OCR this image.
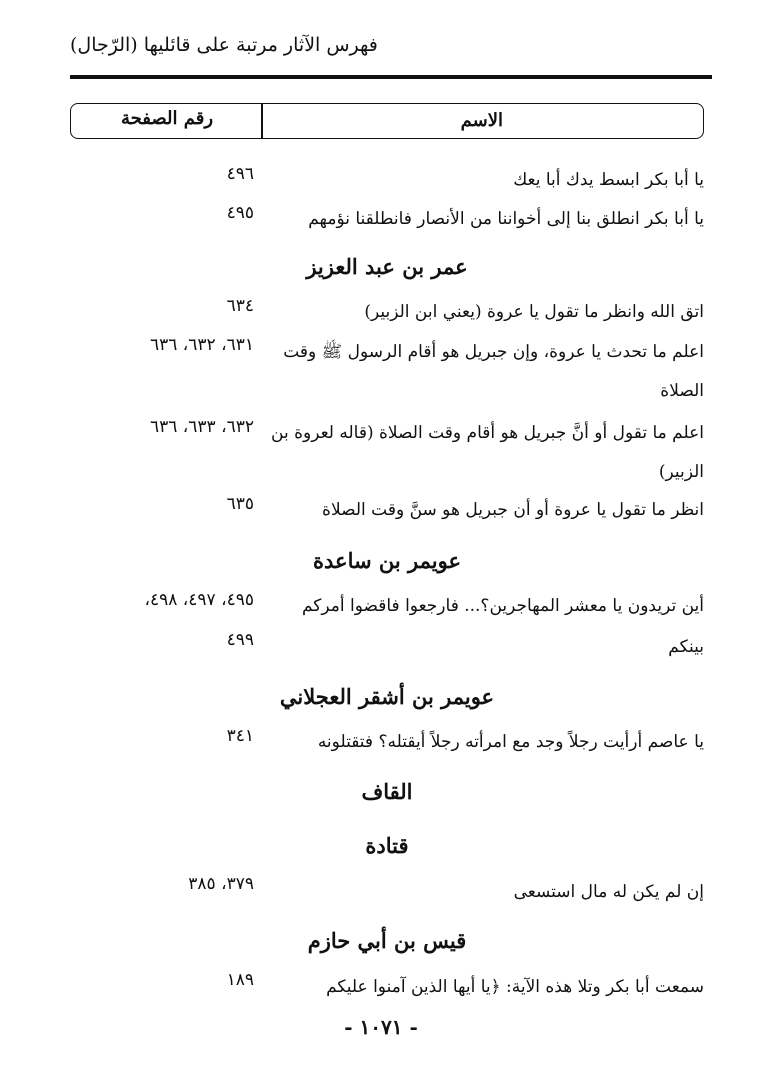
فهرس الآثار مرتبة على قائليها (الرّجال)
الاسم
رقم الصفحة
يا أبا بكر ابسط يدك أبا يعك
٤٩٦
يا أبا بكر انطلق بنا إلى أخواننا من الأنصار فانطلقنا نؤمهم
٤٩٥
عمر بن عبد العزيز
اتق الله وانظر ما تقول يا عروة (يعني ابن الزبير)
٦٣٤
اعلم ما تحدث يا عروة، وإن جبريل هو أقام الرسول ﷺ وقت
الصلاة
٦٣١، ٦٣٢، ٦٣٦
اعلم ما تقول أو أنَّ جبريل هو أقام وقت الصلاة (قاله لعروة بن
الزبير)
٦٣٢، ٦٣٣، ٦٣٦
انظر ما تقول يا عروة أو أن جبريل هو سنَّ وقت الصلاة
٦٣٥
عويمر بن ساعدة
أين تريدون يا معشر المهاجرين؟... فارجعوا فاقضوا أمركم
بينكم
٤٩٥، ٤٩٧، ٤٩٨،
٤٩٩
عويمر بن أشقر العجلاني
يا عاصم أرأيت رجلاً وجد مع امرأته رجلاً أيقتله؟ فتقتلونه
٣٤١
القاف
قتادة
إن لم يكن له مال استسعى
٣٧٩، ٣٨٥
قيس بن أبي حازم
سمعت أبا بكر وتلا هذه الآية: ﴿يا أيها الذين آمنوا عليكم
١٨٩
- ١٠٧١ -
